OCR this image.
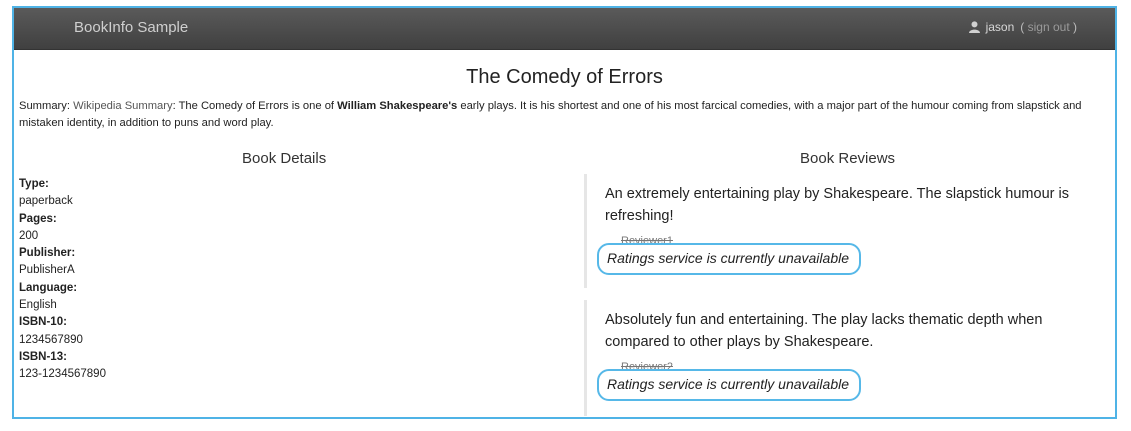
BookInfo Sample	jason ( sign out )
The Comedy of Errors
Summary: Wikipedia Summary: The Comedy of Errors is one of William Shakespeare's early plays. It is his shortest and one of his most farcical comedies, with a major part of the humour coming from slapstick and mistaken identity, in addition to puns and word play.
Book Details	Book Reviews
Type:
paperback
Pages:
200
Publisher:
PublisherA
Language:
English
ISBN-10:
1234567890
ISBN-13:
123-1234567890
An extremely entertaining play by Shakespeare. The slapstick humour is refreshing!
Reviewer1
Ratings service is currently unavailable
Absolutely fun and entertaining. The play lacks thematic depth when compared to other plays by Shakespeare.
Reviewer2
Ratings service is currently unavailable
